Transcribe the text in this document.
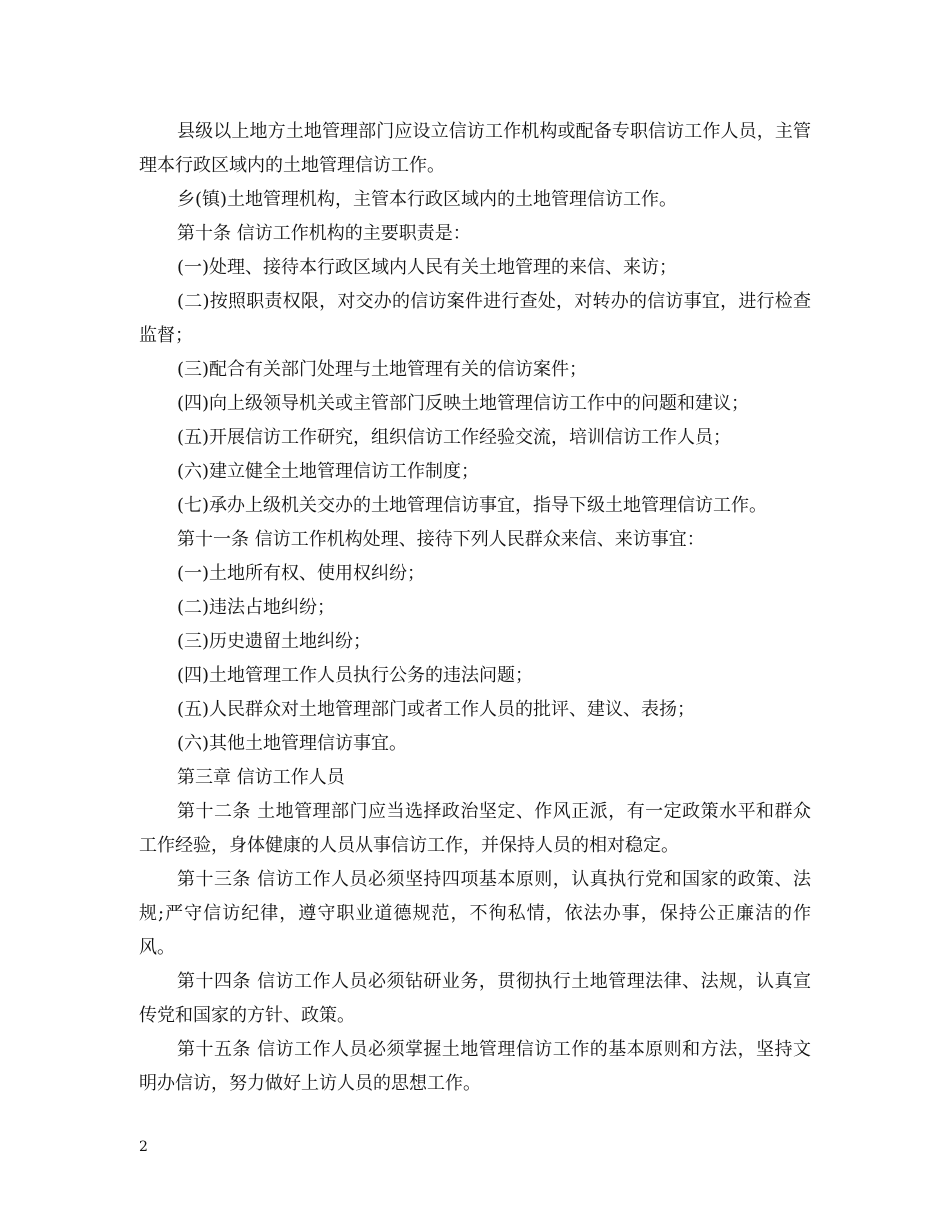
县级以上地方土地管理部门应设立信访工作机构或配备专职信访工作人员，主管理本行政区域内的土地管理信访工作。

乡(镇)土地管理机构，主管本行政区域内的土地管理信访工作。

第十条 信访工作机构的主要职责是：

(一)处理、接待本行政区域内人民有关土地管理的来信、来访；

(二)按照职责权限，对交办的信访案件进行查处，对转办的信访事宜，进行检查监督；

(三)配合有关部门处理与土地管理有关的信访案件；

(四)向上级领导机关或主管部门反映土地管理信访工作中的问题和建议；

(五)开展信访工作研究，组织信访工作经验交流，培训信访工作人员；

(六)建立健全土地管理信访工作制度；

(七)承办上级机关交办的土地管理信访事宜，指导下级土地管理信访工作。

第十一条 信访工作机构处理、接待下列人民群众来信、来访事宜：

(一)土地所有权、使用权纠纷；

(二)违法占地纠纷；

(三)历史遗留土地纠纷；

(四)土地管理工作人员执行公务的违法问题；

(五)人民群众对土地管理部门或者工作人员的批评、建议、表扬；

(六)其他土地管理信访事宜。

第三章 信访工作人员

第十二条 土地管理部门应当选择政治坚定、作风正派，有一定政策水平和群众工作经验，身体健康的人员从事信访工作，并保持人员的相对稳定。

第十三条 信访工作人员必须坚持四项基本原则，认真执行党和国家的政策、法规;严守信访纪律，遵守职业道德规范，不徇私情，依法办事，保持公正廉洁的作风。

第十四条 信访工作人员必须钻研业务，贯彻执行土地管理法律、法规，认真宣传党和国家的方针、政策。

第十五条 信访工作人员必须掌握土地管理信访工作的基本原则和方法，坚持文明办信访，努力做好上访人员的思想工作。

2
